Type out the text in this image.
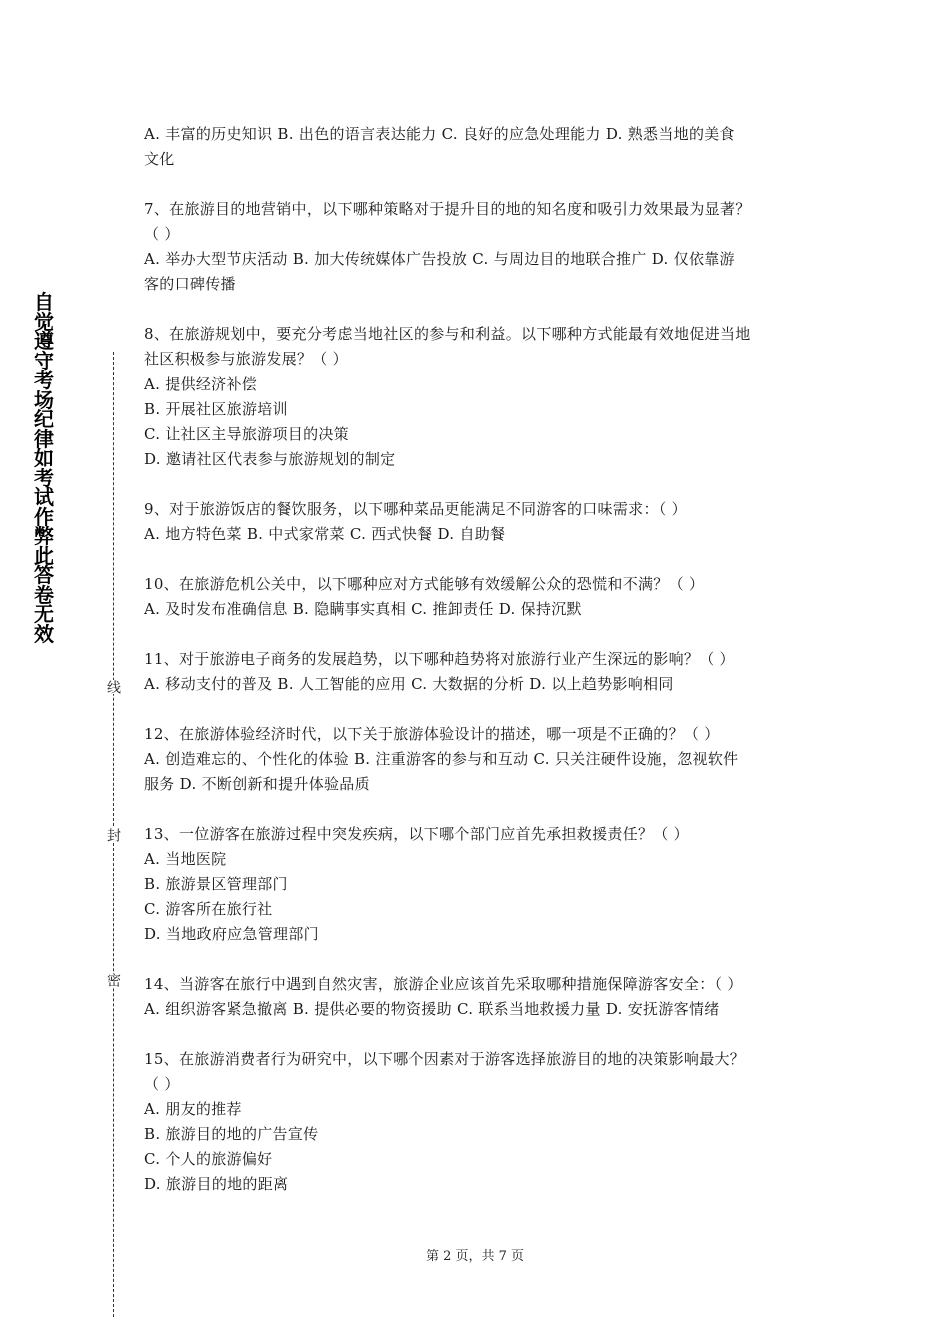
自觉遵守考场纪律如考试作弊此答卷无效
线
封
密

A. 丰富的历史知识 B. 出色的语言表达能力 C. 良好的应急处理能力 D. 熟悉当地的美食

文化

7、在旅游目的地营销中，以下哪种策略对于提升目的地的知名度和吸引力效果最为显著？

（ ）

A. 举办大型节庆活动 B. 加大传统媒体广告投放 C. 与周边目的地联合推广 D. 仅依靠游

客的口碑传播

8、在旅游规划中，要充分考虑当地社区的参与和利益。以下哪种方式能最有效地促进当地

社区积极参与旅游发展？（ ）

A. 提供经济补偿

B. 开展社区旅游培训

C. 让社区主导旅游项目的决策

D. 邀请社区代表参与旅游规划的制定

9、对于旅游饭店的餐饮服务，以下哪种菜品更能满足不同游客的口味需求：（ ）

A. 地方特色菜 B. 中式家常菜 C. 西式快餐 D. 自助餐

10、在旅游危机公关中，以下哪种应对方式能够有效缓解公众的恐慌和不满？（ ）

A. 及时发布准确信息 B. 隐瞒事实真相 C. 推卸责任 D. 保持沉默

11、对于旅游电子商务的发展趋势，以下哪种趋势将对旅游行业产生深远的影响？（ ）

A. 移动支付的普及 B. 人工智能的应用 C. 大数据的分析 D. 以上趋势影响相同

12、在旅游体验经济时代，以下关于旅游体验设计的描述，哪一项是不正确的？（ ）

A. 创造难忘的、个性化的体验 B. 注重游客的参与和互动 C. 只关注硬件设施，忽视软件

服务 D. 不断创新和提升体验品质

13、一位游客在旅游过程中突发疾病，以下哪个部门应首先承担救援责任？（ ）

A. 当地医院

B. 旅游景区管理部门

C. 游客所在旅行社

D. 当地政府应急管理部门

14、当游客在旅行中遇到自然灾害，旅游企业应该首先采取哪种措施保障游客安全：（ ）

A. 组织游客紧急撤离 B. 提供必要的物资援助 C. 联系当地救援力量 D. 安抚游客情绪

15、在旅游消费者行为研究中，以下哪个因素对于游客选择旅游目的地的决策影响最大？

（ ）

A. 朋友的推荐

B. 旅游目的地的广告宣传

C. 个人的旅游偏好

D. 旅游目的地的距离

第 2 页，共 7 页
